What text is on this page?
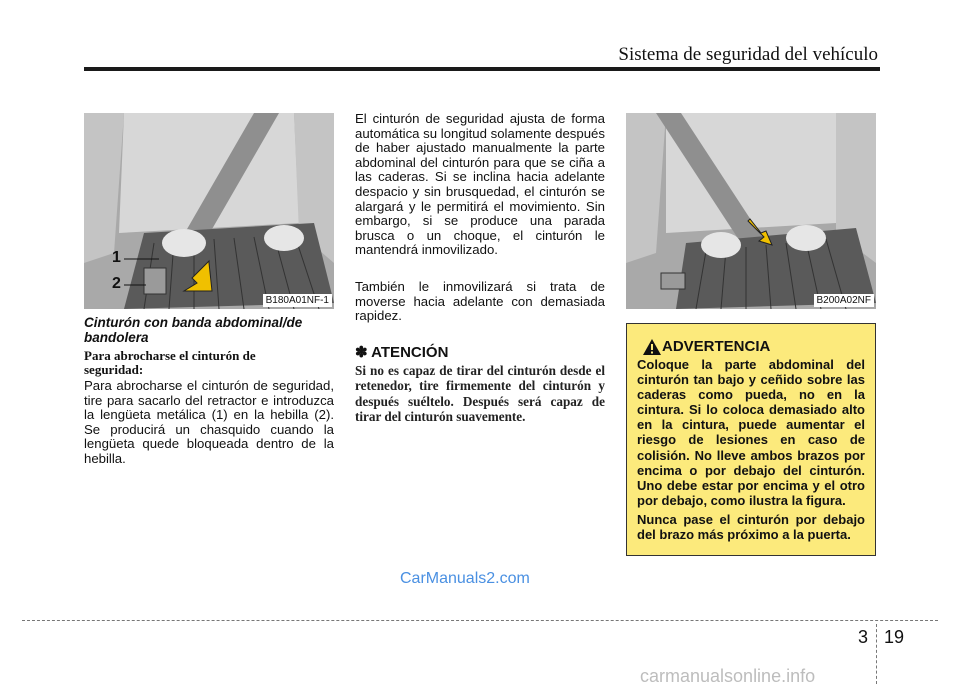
Sistema de seguridad del vehículo
1
2
B180A01NF-1
Cinturón con banda abdominal/de bandolera
Para abrocharse el cinturón de seguridad:

Para abrocharse el cinturón de seguridad, tire para sacarlo del retractor e introduzca la lengüeta metálica (1) en la hebilla (2). Se producirá un chasquido cuando la lengüeta quede bloqueada dentro de la hebilla.

El cinturón de seguridad ajusta de forma automática su longitud solamente después de haber ajustado manualmente la parte abdominal del cinturón para que se ciña a las caderas. Si se inclina hacia adelante despacio y sin brusquedad, el cinturón se alargará y le permitirá el movimiento. Sin embargo, si se produce una parada brusca o un choque, el cinturón le mantendrá inmovilizado.

También le inmovilizará si trata de moverse hacia adelante con demasiada rapidez.

✽ ATENCIÓN

Si no es capaz de tirar del cinturón desde el retenedor, tire firmemente del cinturón y después suéltelo. Después será capaz de tirar del cinturón suavemente.

B200A02NF
ADVERTENCIA

Coloque la parte abdominal del cinturón tan bajo y ceñido sobre las caderas como pueda, no en la cintura. Si lo coloca demasiado alto en la cintura, puede aumentar el riesgo de lesiones en caso de colisión. No lleve ambos brazos por encima o por debajo del cinturón. Uno debe estar por encima y el otro por debajo, como ilustra la figura.

Nunca pase el cinturón por debajo del brazo más próximo a la puerta.

CarManuals2.com
3 19
carmanualsonline.info
